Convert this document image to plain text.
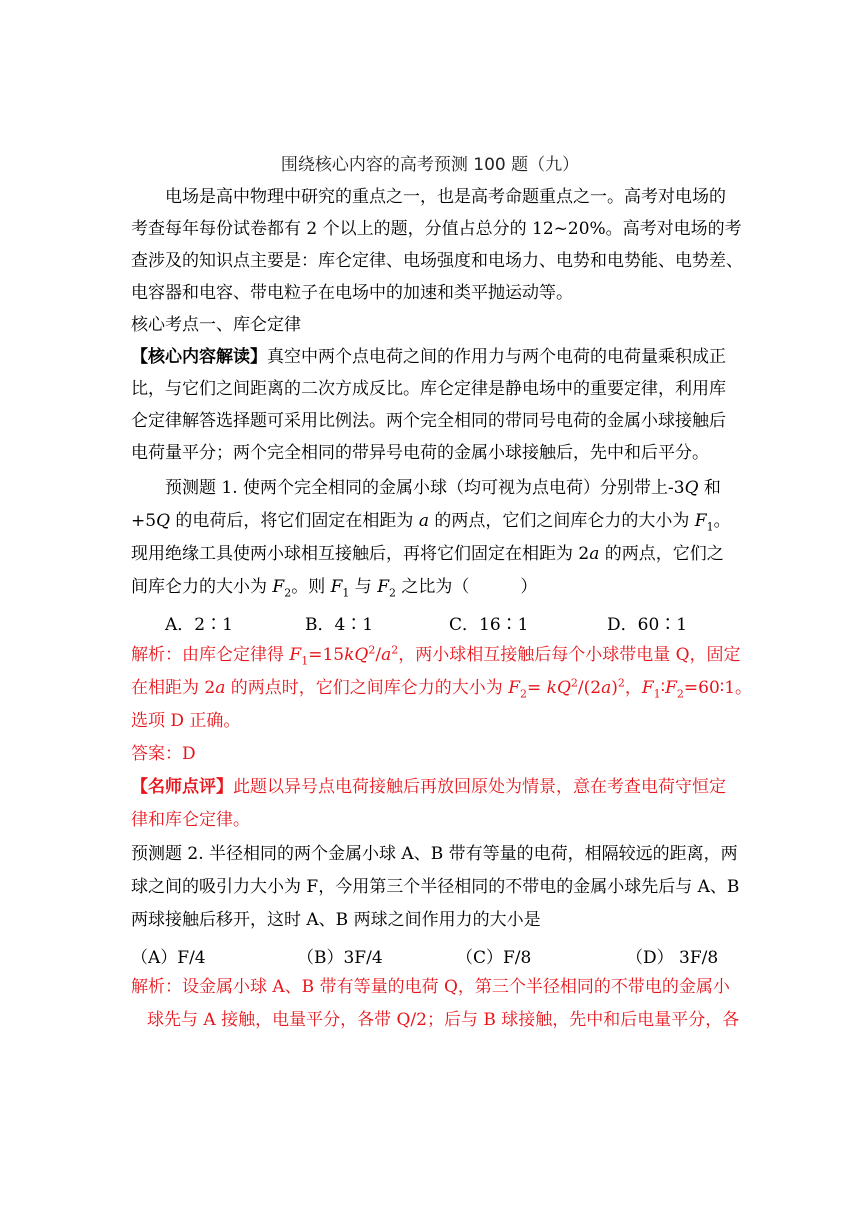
围绕核心内容的高考预测 100 题（九）
电场是高中物理中研究的重点之一，也是高考命题重点之一。高考对电场的
考查每年每份试卷都有 2 个以上的题，分值占总分的 12~20%。高考对电场的考
查涉及的知识点主要是：库仑定律、电场强度和电场力、电势和电势能、电势差、
电容器和电容、带电粒子在电场中的加速和类平抛运动等。
核心考点一、库仑定律
【核心内容解读】真空中两个点电荷之间的作用力与两个电荷的电荷量乘积成正
比，与它们之间距离的二次方成反比。库仑定律是静电场中的重要定律，利用库
仑定律解答选择题可采用比例法。两个完全相同的带同号电荷的金属小球接触后
电荷量平分；两个完全相同的带异号电荷的金属小球接触后，先中和后平分。
预测题 1. 使两个完全相同的金属小球（均可视为点电荷）分别带上-3Q 和
+5Q 的电荷后，将它们固定在相距为 a 的两点，它们之间库仑力的大小为 $F_1$。
现用绝缘工具使两小球相互接触后，再将它们固定在相距为 2a 的两点，它们之
间库仑力的大小为 $F_2$。则 $F_1$ 与 $F_2$ 之比为（　　　）
A．2∶1	B．4∶1	C．16∶1	D．60∶1
解析：由库仑定律得 $F_1=15kQ^2/a^2$，两小球相互接触后每个小球带电量 Q，固定
在相距为 2a 的两点时，它们之间库仑力的大小为 $F_2= kQ^2/(2a)^2$，$F_1∶F_2=60∶1$。
选项 D 正确。
答案：D
【名师点评】此题以异号点电荷接触后再放回原处为情景，意在考查电荷守恒定
律和库仑定律。
预测题 2. 半径相同的两个金属小球 A、B 带有等量的电荷，相隔较远的距离，两
球之间的吸引力大小为 F，今用第三个半径相同的不带电的金属小球先后与 A、B
两球接触后移开，这时 A、B 两球之间作用力的大小是
（A）F/4	（B）3F/4	（C）F/8	（D） 3F/8
解析：设金属小球 A、B 带有等量的电荷 Q，第三个半径相同的不带电的金属小
球先与 A 接触，电量平分，各带 Q/2；后与 B 球接触，先中和后电量平分，各
